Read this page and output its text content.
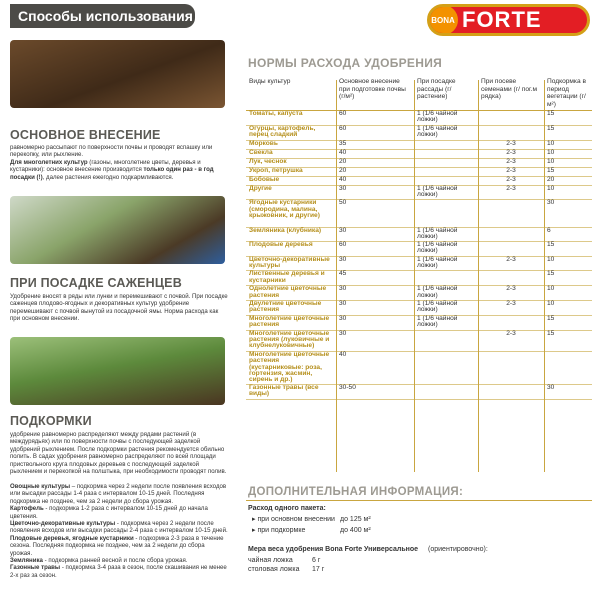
Способы использования	BONA FORTE
ОСНОВНОЕ ВНЕСЕНИЕ
равномерно рассыпают по поверхности почвы и проводят вспашку или перекопку, или рыхление.
Для многолетних культур (газоны, многолетние цветы, деревья и кустарники): основное внесение производится только один раз - в год посадки (!), далее растения ежегодно подкармливаются.
ПРИ ПОСАДКЕ САЖЕНЦЕВ
Удобрение вносят в ряды или лунки и перемешивают с почвой. При посадке саженцев плодово-ягодных и декоративных культур удобрение перемешивают с почвой вынутой из посадочной ямы. Норма расхода как при основном внесении.
ПОДКОРМКИ
удобрение равномерно распределяют между рядами растений (в междурядьях) или по поверхности почвы с последующей заделкой удобрений рыхлением. После подкормки растения рекомендуется обильно полить. В садах удобрения равномерно распределяют по всей площади приствольного круга плодовых деревьев с последующей заделкой рыхлением и перекопкой на полштыка, при необходимости проводят полив.
Овощные культуры – подкормка через 2 недели после появления всходов или высадки рассады 1-4 раза с интервалом 10-15 дней. Последняя подкормка не позднее, чем за 2 недели до сбора урожая.
Картофель - подкормка 1-2 раза с интервалом 10-15 дней до начала цветения.
Цветочно-декоративные культуры - подкормка через 2 недели после появления всходов или высадки рассады 2-4 раза с интервалом 10-15 дней.
Плодовые деревья, ягодные кустарники - подкормка 2-3 раза в течение сезона. Последняя подкормка не позднее, чем за 2 недели до сбора урожая.
Земляника - подкормка ранней весной и после сбора урожая.
Газонные травы - подкормка 3-4 раза в сезон, после скашивания не менее 2-х раз за сезон.
НОРМЫ РАСХОДА УДОБРЕНИЯ
Виды культур	Основное внесение при подготовке почвы (г/м²)	При посадке рассады (г/растение)	При посеве семенами (г/ пог.м рядка)	Подкормка в период вегетации (г/м²)
Томаты, капуста	60	1 (1/6 чайной ложки)		15
Огурцы, картофель, перец сладкий	60	1 (1/6 чайной ложки)		15
Морковь	35		2-3	10
Свекла	40		2-3	10
Лук, чеснок	20		2-3	10
Укроп, петрушка	20		2-3	15
Бобовые	40		2-3	20
Другие	30	1 (1/6 чайной ложки)	2-3	10
Ягодные кустарники (смородина, малина, крыжовник, и другие)	50			30
Земляника (клубника)	30	1 (1/6 чайной ложки)		6
Плодовые деревья	60	1 (1/6 чайной ложки)		15
Цветочно-декоративные культуры	30	1 (1/6 чайной ложки)	2-3	10
Лиственные деревья и кустарники	45			15
Однолетние цветочные растения	30	1 (1/6 чайной ложки)	2-3	10
Двулетние цветочные растения	30	1 (1/6 чайной ложки)	2-3	10
Многолетние цветочные растения	30	1 (1/6 чайной ложки)		15
Многолетние цветочные растения (луковичные и клубнелуковичные)	30		2-3	15
Многолетние цветочные растения (кустарниковые: роза, гортензия, жасмин, сирень и др.)	40			
Газонные травы (все виды)	30-50			30
ДОПОЛНИТЕЛЬНАЯ ИНФОРМАЦИЯ:
Расход одного пакета:
▸ при основном внесении до 125 м²
▸ при подкормке	до 400 м²
Мера веса удобрения Bona Forte Универсальное (ориентировочно):
чайная ложка	6 г
столовая ложка 17 г
